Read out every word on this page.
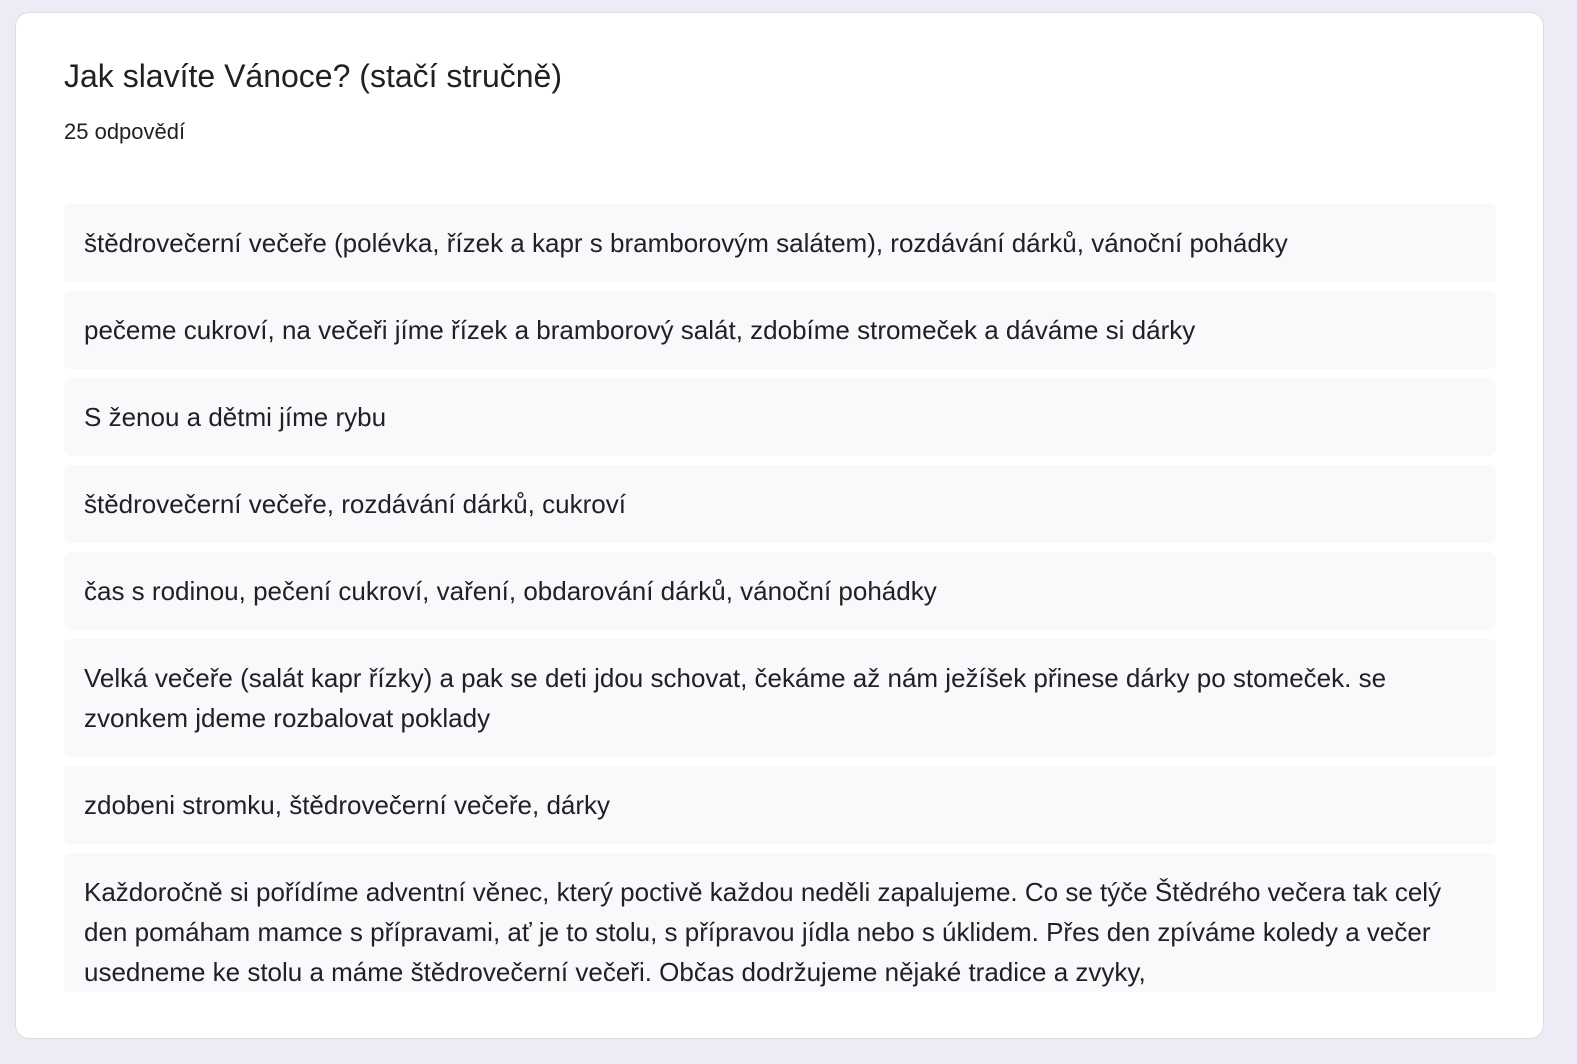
Jak slavíte Vánoce? (stačí stručně)
25 odpovědí
štědrovečerní večeře (polévka, řízek a kapr s bramborovým salátem), rozdávání dárků, vánoční pohádky
pečeme cukroví, na večeři jíme řízek a bramborový salát, zdobíme stromeček a dáváme si dárky
S ženou a dětmi jíme rybu
štědrovečerní večeře, rozdávání dárků, cukroví
čas s rodinou, pečení cukroví, vaření, obdarování dárků, vánoční pohádky
Velká večeře (salát kapr řízky) a pak se deti jdou schovat, čekáme až nám ježíšek přinese dárky po stomeček. se zvonkem jdeme rozbalovat poklady
zdobeni stromku, štědrovečerní večeře, dárky
Každoročně si pořídíme adventní věnec, který poctivě každou neděli zapalujeme. Co se týče Štědrého večera tak celý den pomáham mamce s přípravami, ať je to stolu, s přípravou jídla nebo s úklidem. Přes den zpíváme koledy a večer usedneme ke stolu a máme štědrovečerní večeři. Občas dodržujeme nějaké tradice a zvyky,
